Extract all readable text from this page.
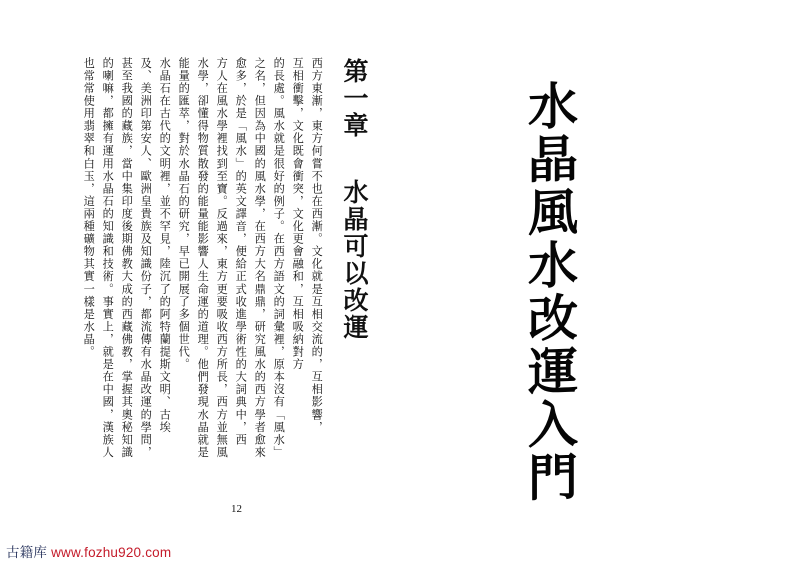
水晶風水改運入門
第一章水晶可以改運
西方東漸，東方何嘗不也在西漸。文化就是互相交流的，互相影響，
互相衝擊，文化既會衝突，文化更會融和，互相吸納對方
的長處。風水就是很好的例子。在西方語文的詞彙裡，原本沒有「風水」
之名，但因為中國的風水學，在西方大名鼎鼎，研究風水的西方學者愈來
愈多，於是「風水」的英文譯音，便給正式收進學術性的大詞典中，西
方人在風水學裡找到至寶。反過來，東方更要吸收西方所長，西方並無風
水學，卻懂得物質散發的能量能影響人生命運的道理。他們發現水晶就是
能量的匯萃，對於水晶石的研究，早已開展了多個世代。
水晶石在古代的文明裡，並不罕見，陸沉了的阿特蘭提斯文明、古埃
及、美洲印第安人、歐洲皇貴族及知識份子，都流傳有水晶改運的學問，
甚至我國的藏族，當中集印度後期佛教大成的西藏佛教，掌握其奧秘知識
的喇嘛，都擁有運用水晶石的知識和技術。事實上，就是在中國，漢族人
也常常使用翡翠和白玉，這兩種礦物其實一樣是水晶。
12
古籍库 www.fozhu920.com
